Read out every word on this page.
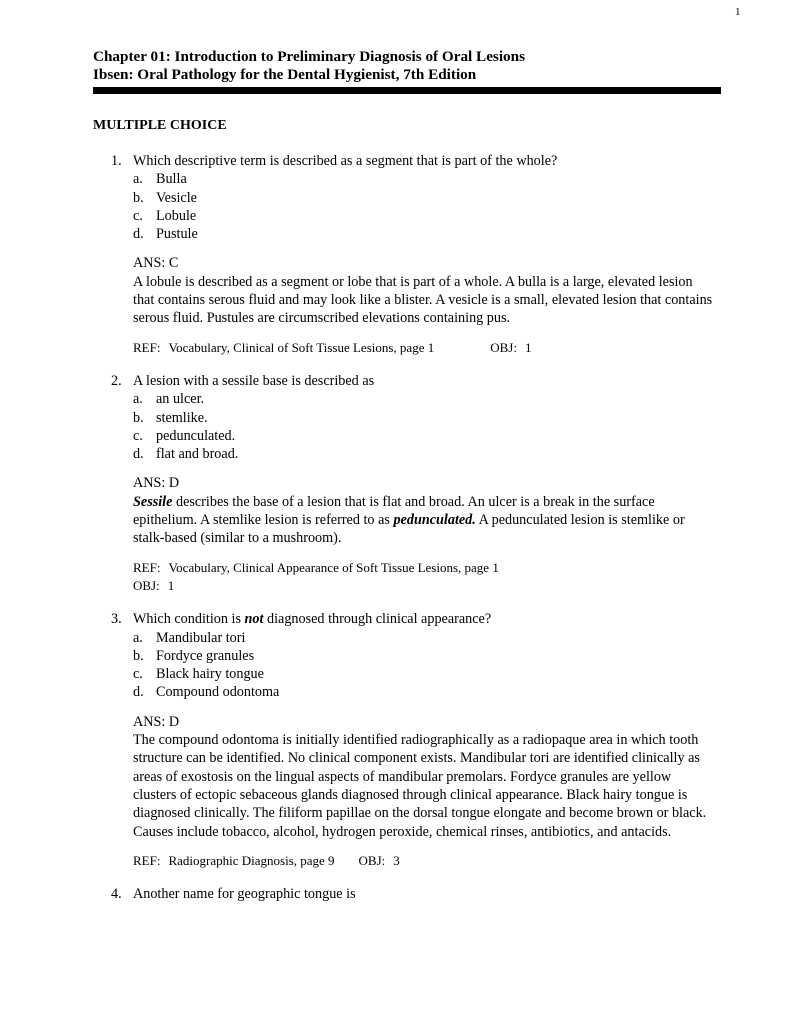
1
Chapter 01: Introduction to Preliminary Diagnosis of Oral Lesions
Ibsen: Oral Pathology for the Dental Hygienist, 7th Edition
MULTIPLE CHOICE
1. Which descriptive term is described as a segment that is part of the whole?
a. Bulla
b. Vesicle
c. Lobule
d. Pustule
ANS: C
A lobule is described as a segment or lobe that is part of a whole. A bulla is a large, elevated lesion that contains serous fluid and may look like a blister. A vesicle is a small, elevated lesion that contains serous fluid. Pustules are circumscribed elevations containing pus.
REF: Vocabulary, Clinical of Soft Tissue Lesions, page 1	OBJ: 1
2. A lesion with a sessile base is described as
a. an ulcer.
b. stemlike.
c. pedunculated.
d. flat and broad.
ANS: D
Sessile describes the base of a lesion that is flat and broad. An ulcer is a break in the surface epithelium. A stemlike lesion is referred to as pedunculated. A pedunculated lesion is stemlike or stalk-based (similar to a mushroom).
REF: Vocabulary, Clinical Appearance of Soft Tissue Lesions, page 1
OBJ: 1
3. Which condition is not diagnosed through clinical appearance?
a. Mandibular tori
b. Fordyce granules
c. Black hairy tongue
d. Compound odontoma
ANS: D
The compound odontoma is initially identified radiographically as a radiopaque area in which tooth structure can be identified. No clinical component exists. Mandibular tori are identified clinically as areas of exostosis on the lingual aspects of mandibular premolars. Fordyce granules are yellow clusters of ectopic sebaceous glands diagnosed through clinical appearance. Black hairy tongue is diagnosed clinically. The filiform papillae on the dorsal tongue elongate and become brown or black. Causes include tobacco, alcohol, hydrogen peroxide, chemical rinses, antibiotics, and antacids.
REF: Radiographic Diagnosis, page 9 OBJ: 3
4. Another name for geographic tongue is
